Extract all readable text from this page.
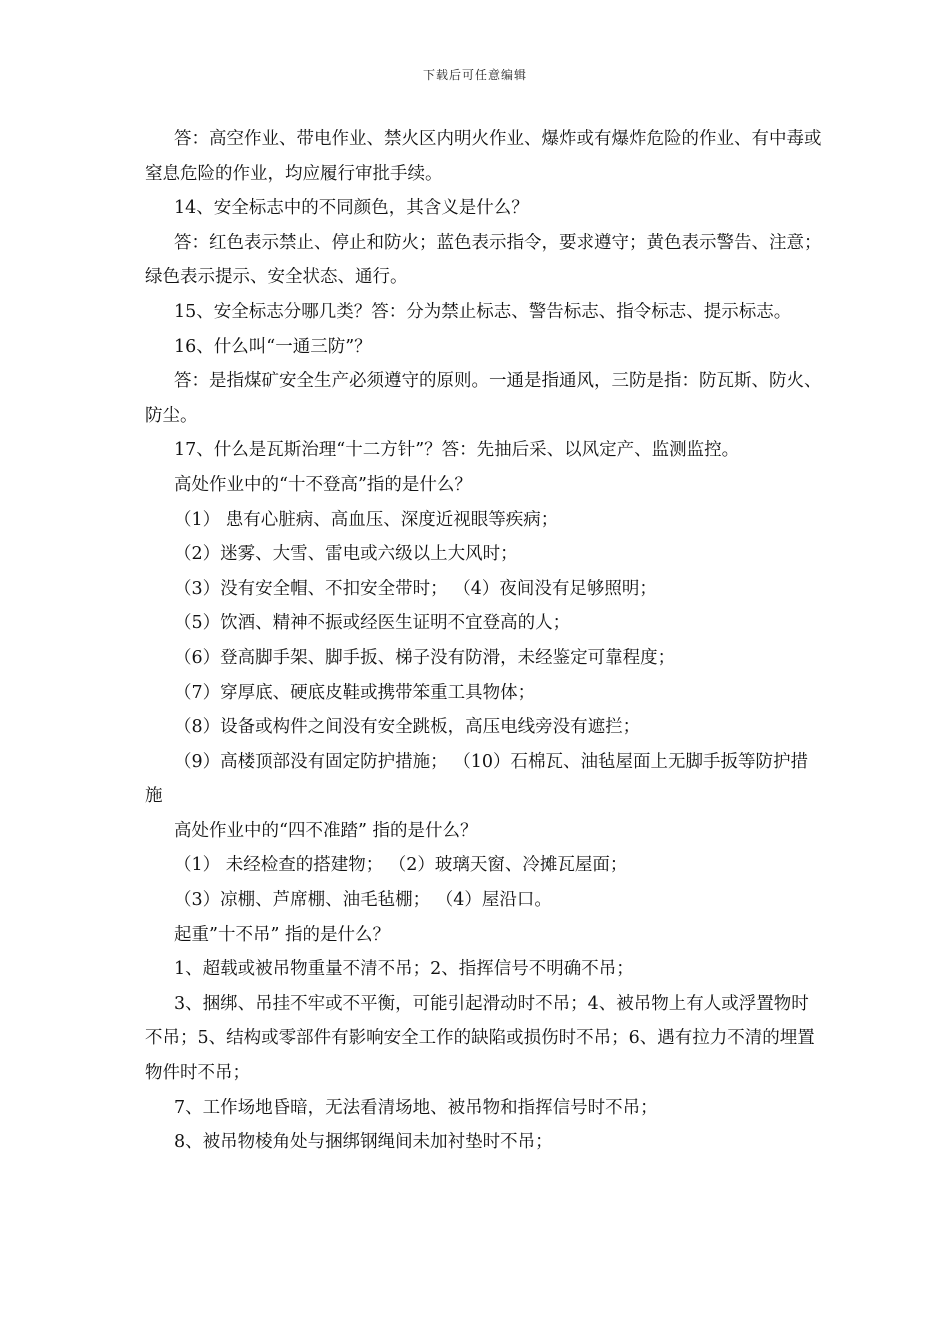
下载后可任意编辑

答：高空作业、带电作业、禁火区内明火作业、爆炸或有爆炸危险的作业、有中毒或窒息危险的作业，均应履行审批手续。

14、安全标志中的不同颜色，其含义是什么？

答：红色表示禁止、停止和防火；蓝色表示指令，要求遵守；黄色表示警告、注意；绿色表示提示、安全状态、通行。

15、安全标志分哪几类？答：分为禁止标志、警告标志、指令标志、提示标志。

16、什么叫“一通三防”？

答：是指煤矿安全生产必须遵守的原则。一通是指通风，三防是指：防瓦斯、防火、防尘。

17、什么是瓦斯治理“十二方针”？答：先抽后采、以风定产、监测监控。

高处作业中的“十不登高”指的是什么？

（1） 患有心脏病、高血压、深度近视眼等疾病；

（2）迷雾、大雪、雷电或六级以上大风时；

（3）没有安全帽、不扣安全带时； （4）夜间没有足够照明；

（5）饮酒、精神不振或经医生证明不宜登高的人；

（6）登高脚手架、脚手扳、梯子没有防滑，未经鉴定可靠程度；

（7）穿厚底、硬底皮鞋或携带笨重工具物体；

（8）设备或构件之间没有安全跳板，高压电线旁没有遮拦；

（9）高楼顶部没有固定防护措施； （10）石棉瓦、油毡屋面上无脚手扳等防护措施

高处作业中的“四不准踏” 指的是什么？

（1） 未经检查的搭建物； （2）玻璃天窗、冷摊瓦屋面；

（3）凉棚、芦席棚、油毛毡棚； （4）屋沿口。

起重”十不吊” 指的是什么？

1、超载或被吊物重量不清不吊；2、指挥信号不明确不吊；

3、捆绑、吊挂不牢或不平衡，可能引起滑动时不吊；4、被吊物上有人或浮置物时不吊；5、结构或零部件有影响安全工作的缺陷或损伤时不吊；6、遇有拉力不清的埋置物件时不吊；

7、工作场地昏暗，无法看清场地、被吊物和指挥信号时不吊；

8、被吊物棱角处与捆绑钢绳间未加衬垫时不吊；
